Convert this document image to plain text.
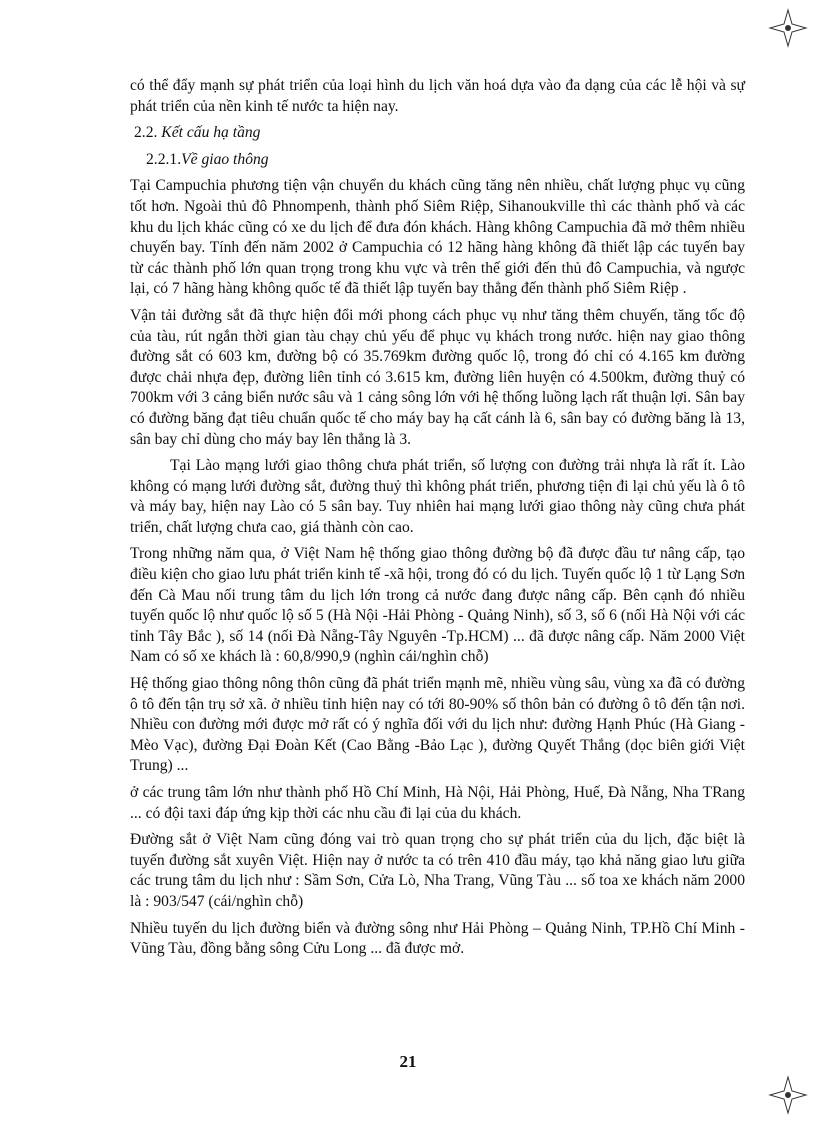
có thể đẩy mạnh sự phát triển của loại hình du lịch văn hoá dựa vào đa dạng của các lễ hội và sự phát triển của nền kinh tế nước ta hiện nay.

2.2. Kết cấu hạ tầng
2.2.1.Về giao thông

Tại Campuchia phương tiện vận chuyển du khách cũng tăng nên nhiều, chất lượng phục vụ cũng tốt hơn. Ngoài thủ đô Phnompenh, thành phố Siêm Riệp, Sihanoukville thì các thành phố và các khu du lịch khác cũng có xe du lịch để đưa đón khách. Hàng không Campuchia đã mở thêm nhiều chuyến bay. Tính đến năm 2002 ở Campuchia có 12 hãng hàng không đã thiết lập các tuyến bay từ các thành phố lớn quan trọng trong khu vực và trên thế giới đến thủ đô Campuchia, và ngược lại, có 7 hãng hàng không quốc tế đã thiết lập tuyến bay thẳng đến thành phố Siêm Riệp .

Vận tải đường sắt đã thực hiện đổi mới phong cách phục vụ như tăng thêm chuyến, tăng tốc độ của tàu, rút ngắn thời gian tàu chạy chủ yếu để phục vụ khách trong nước. hiện nay giao thông đường sắt có 603 km, đường bộ có 35.769km đường quốc lộ, trong đó chỉ có 4.165 km đường được chải nhựa đẹp, đường liên tỉnh có 3.615 km, đường liên huyện có 4.500km, đường thuỷ có 700km với 3 cảng biển nước sâu và 1 cảng sông lớn với hệ thống luồng lạch rất thuận lợi. Sân bay có đường băng đạt tiêu chuẩn quốc tế cho máy bay hạ cất cánh là 6, sân bay có đường băng là 13, sân bay chỉ dùng cho máy bay lên thẳng là 3.

Tại Lào mạng lưới giao thông chưa phát triển, số lượng con đường trải nhựa là rất ít. Lào không có mạng lưới đường sắt, đường thuỷ thì không phát triển, phương tiện đi lại chủ yếu là ô tô và máy bay, hiện nay Lào có 5 sân bay. Tuy nhiên hai mạng lưới giao thông này cũng chưa phát triển, chất lượng chưa cao, giá thành còn cao.

Trong những năm qua, ở Việt Nam hệ thống giao thông đường bộ đã được đầu tư nâng cấp, tạo điều kiện cho giao lưu phát triển kinh tế -xã hội, trong đó có du lịch. Tuyến quốc lộ 1 từ Lạng Sơn đến Cà Mau nối trung tâm du lịch lớn trong cả nước đang được nâng cấp. Bên cạnh đó nhiều tuyến quốc lộ như quốc lộ số 5 (Hà Nội -Hải Phòng - Quảng Ninh), số 3, số 6 (nối Hà Nội với các tỉnh Tây Bắc ), số 14 (nối Đà Nẵng-Tây Nguyên -Tp.HCM) ... đã được nâng cấp. Năm 2000 Việt Nam có số xe khách là : 60,8/990,9 (nghìn cái/nghìn chỗ)

Hệ thống giao thông nông thôn cũng đã phát triển mạnh mẽ, nhiều vùng sâu, vùng xa đã có đường ô tô đến tận trụ sở xã. ở nhiều tỉnh hiện nay có tới 80-90% số thôn bản có đường ô tô đến tận nơi. Nhiều con đường mới được mở rất có ý nghĩa đối với du lịch như: đường Hạnh Phúc (Hà Giang -Mèo Vạc), đường Đại Đoàn Kết (Cao Bằng -Bảo Lạc ), đường Quyết Thắng (dọc biên giới Việt Trung) ...

ở các trung tâm lớn như thành phố Hồ Chí Minh, Hà Nội, Hải Phòng, Huế, Đà Nẵng, Nha TRang ... có đội taxi đáp ứng kịp thời các nhu cầu đi lại của du khách.

Đường sắt ở Việt Nam cũng đóng vai trò quan trọng cho sự phát triển của du lịch, đặc biệt là tuyến đường sắt xuyên Việt. Hiện nay ở nước ta có trên 410 đầu máy, tạo khả năng giao lưu giữa các trung tâm du lịch như : Sầm Sơn, Cửa Lò, Nha Trang, Vũng Tàu ... số toa xe khách năm 2000 là : 903/547 (cái/nghìn chỗ)

Nhiều tuyến du lịch đường biển và đường sông như Hải Phòng – Quảng Ninh, TP.Hồ Chí Minh - Vũng Tàu, đồng bằng sông Cửu Long ... đã được mở.

21
